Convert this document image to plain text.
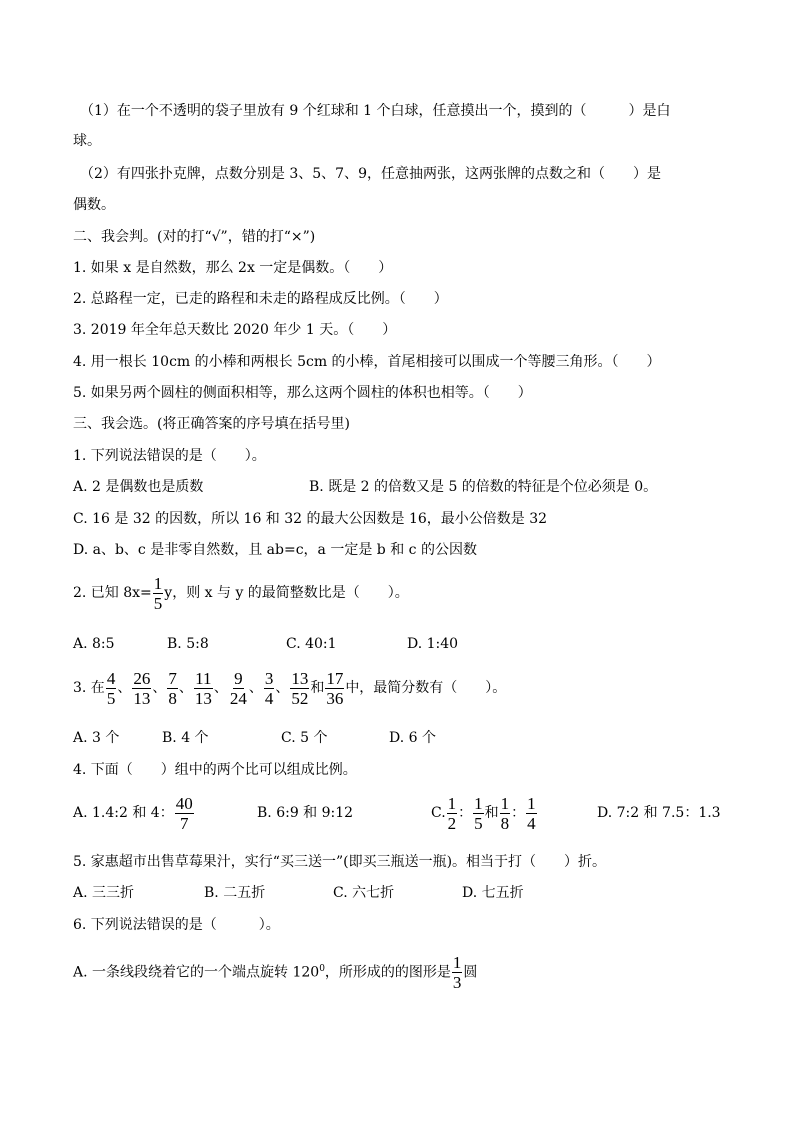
（1）在一个不透明的袋子里放有 9 个红球和 1 个白球，任意摸出一个，摸到的（　　　）是白
球。
（2）有四张扑克牌，点数分别是 3、5、7、9，任意抽两张，这两张牌的点数之和（　　）是
偶数。
二、我会判。(对的打“√”，错的打“×”)
1. 如果 x 是自然数，那么 2x 一定是偶数。（　　）
2. 总路程一定，已走的路程和未走的路程成反比例。（　　）
3. 2019 年全年总天数比 2020 年少 1 天。（　　）
4. 用一根长 10cm 的小棒和两根长 5cm 的小棒，首尾相接可以围成一个等腰三角形。（　　）
5. 如果另两个圆柱的侧面积相等，那么这两个圆柱的体积也相等。（　　）
三、我会选。(将正确答案的序号填在括号里)
1. 下列说法错误的是（　　）。
A. 2 是偶数也是质数	B. 既是 2 的倍数又是 5 的倍数的特征是个位必须是 0。
C. 16 是 32 的因数，所以 16 和 32 的最大公因数是 16，最小公倍数是 32
D. a、b、c 是非零自然数，且 ab=c，a 一定是 b 和 c 的公因数
2. 已知 $8x= \frac{1}{5}$ y，则 x 与 y 的最简整数比是（　　）。
A. 8:5	B. 5:8	C. 40:1	D. 1:40
3. 在 $\frac{4}{5}$ 、 $\frac{26}{13}$ 、 $\frac{7}{8}$ 、 $\frac{11}{13}$ 、 $\frac{9}{24}$ 、 $\frac{3}{4}$ 、 $\frac{13}{52}$ 和 $\frac{17}{36}$ 中，最简分数有（　　）。
A. 3 个	B. 4 个	C. 5 个	D. 6 个
4. 下面（　　）组中的两个比可以组成比例。
A. 1.4:2 和 4： $\frac{40}{7}$	B. 6:9 和 9:12	C. $\frac{1}{2}$ ： $\frac{1}{5}$ 和 $\frac{1}{8}$ ： $\frac{1}{4}$	D. 7:2 和 7.5：1.3
5. 家惠超市出售草莓果汁，实行“买三送一”(即买三瓶送一瓶)。相当于打（　　）折。
A. 三三折	B. 二五折	C. 六七折	D. 七五折
6. 下列说法错误的是（　　　）。
A. 一条线段绕着它的一个端点旋转 $120^0$，所形成的的图形是 $\frac{1}{3}$ 圆
